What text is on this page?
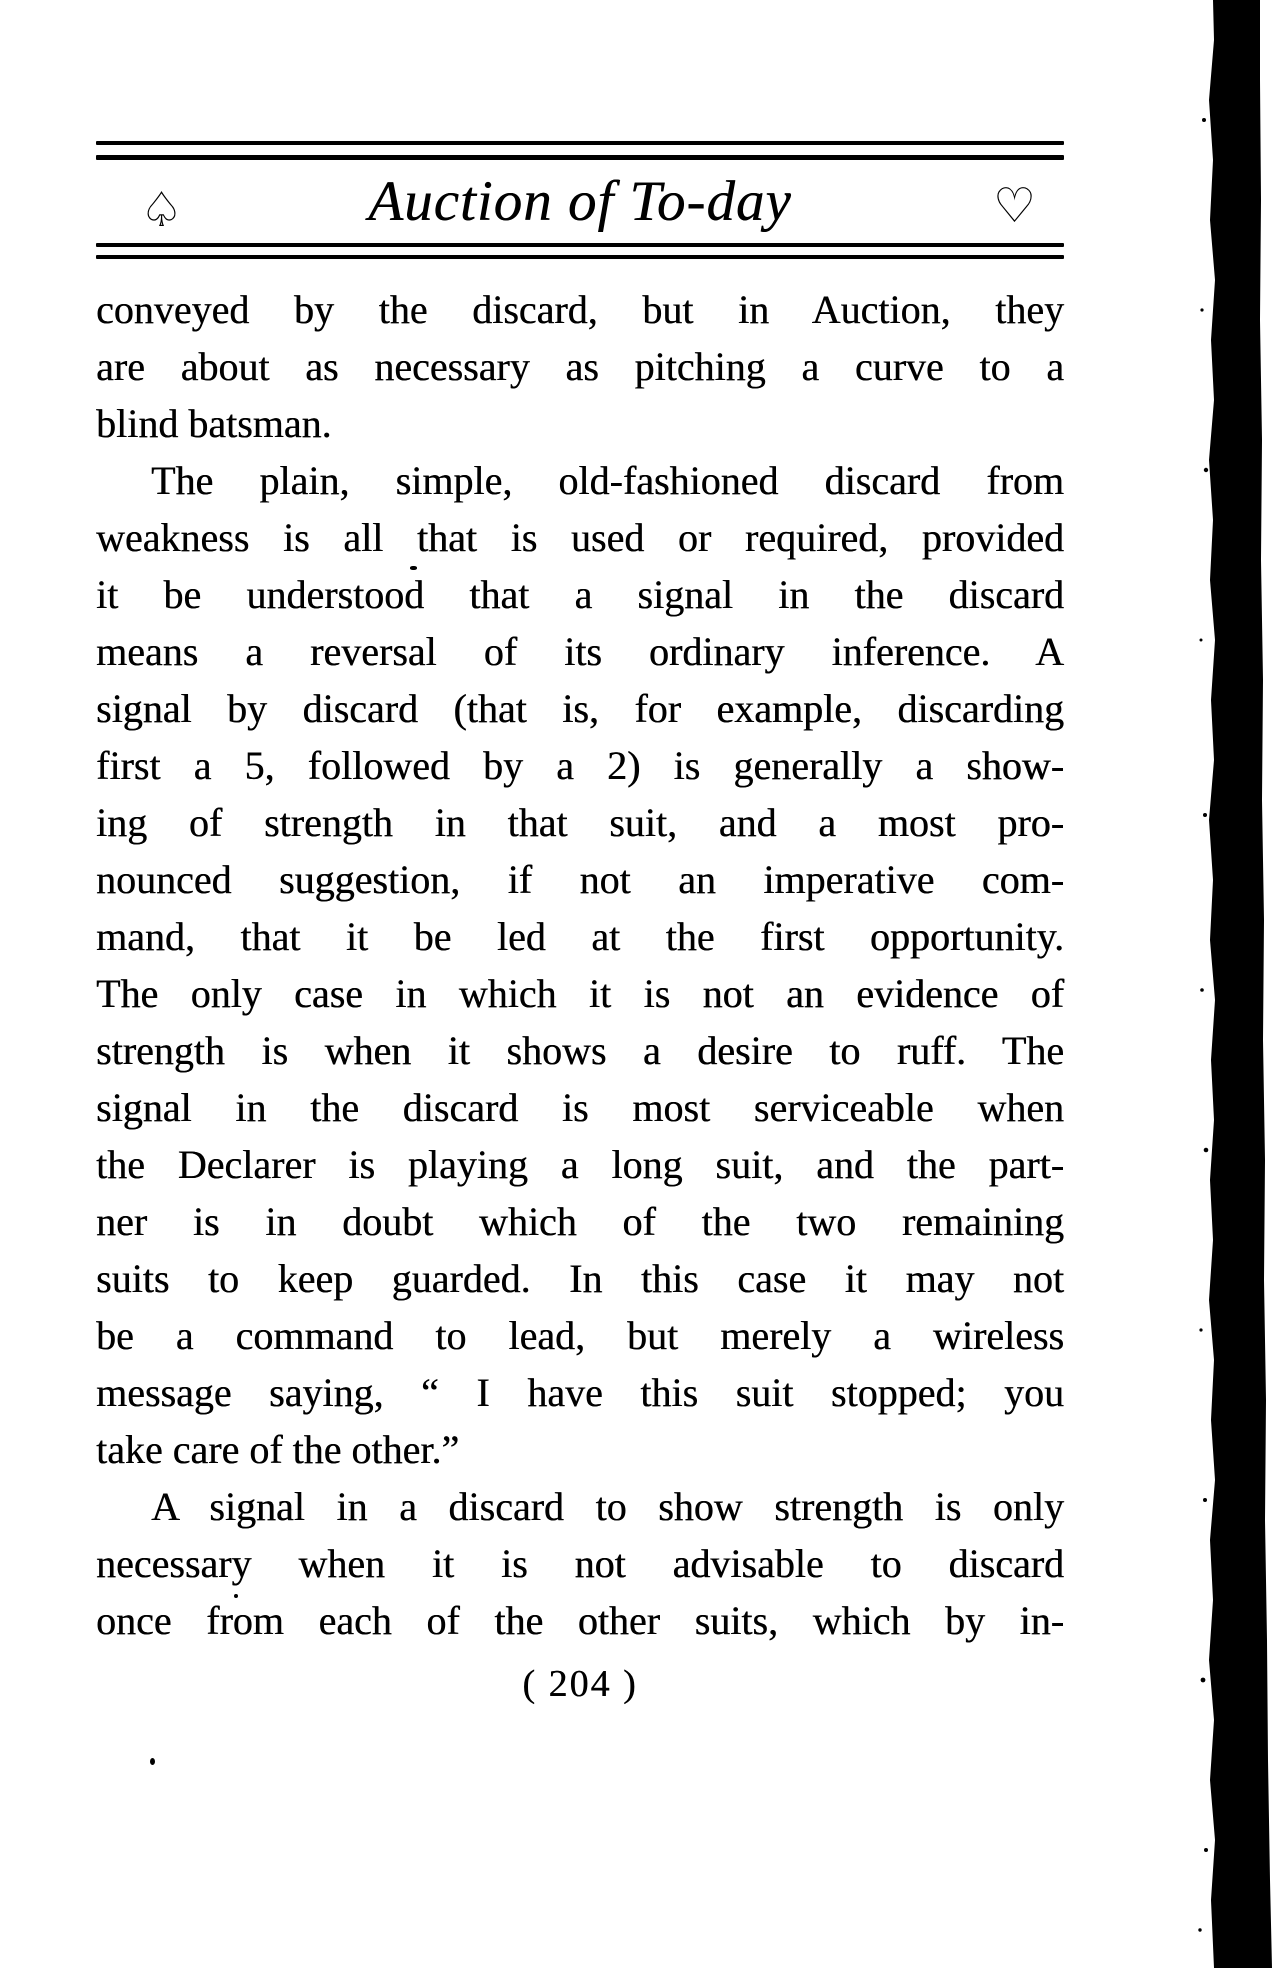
♤	Auction of To-day	♡
conveyed by the discard, but in Auction, they
are about as necessary as pitching a curve to a
blind batsman.
The plain, simple, old-fashioned discard from
weakness is all that is used or required, provided
it be understood that a signal in the discard
means a reversal of its ordinary inference. A
signal by discard (that is, for example, discarding
first a 5, followed by a 2) is generally a show-
ing of strength in that suit, and a most pro-
nounced suggestion, if not an imperative com-
mand, that it be led at the first opportunity.
The only case in which it is not an evidence of
strength is when it shows a desire to ruff. The
signal in the discard is most serviceable when
the Declarer is playing a long suit, and the part-
ner is in doubt which of the two remaining
suits to keep guarded. In this case it may not
be a command to lead, but merely a wireless
message saying, “ I have this suit stopped; you
take care of the other.”
A signal in a discard to show strength is only
necessary when it is not advisable to discard
once from each of the other suits, which by in-
( 204 )
